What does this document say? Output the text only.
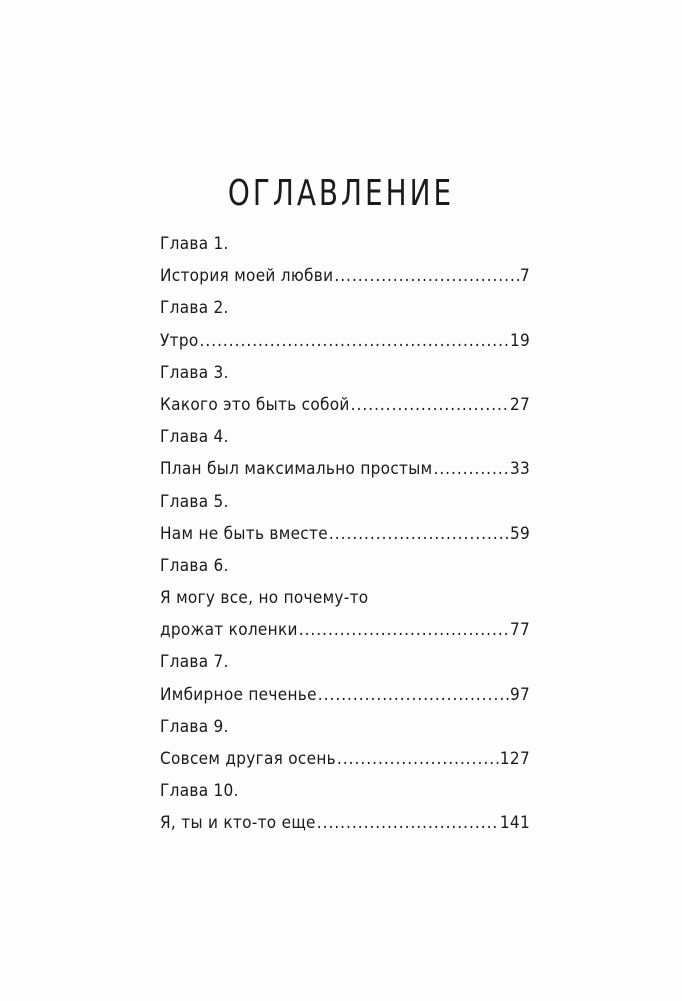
ОГЛАВЛЕНИЕ
Глава 1.
История моей любви .....	7
Глава 2.
Утро .....	19
Глава 3.
Какого это быть собой .....	27
Глава 4.
План был максимально простым .....	33
Глава 5.
Нам не быть вместе .....	59
Глава 6.
Я могу все, но почему-то
дрожат коленки .....	77
Глава 7.
Имбирное печенье .....	97
Глава 9.
Совсем другая осень .....	127
Глава 10.
Я, ты и кто-то еще .....	141
